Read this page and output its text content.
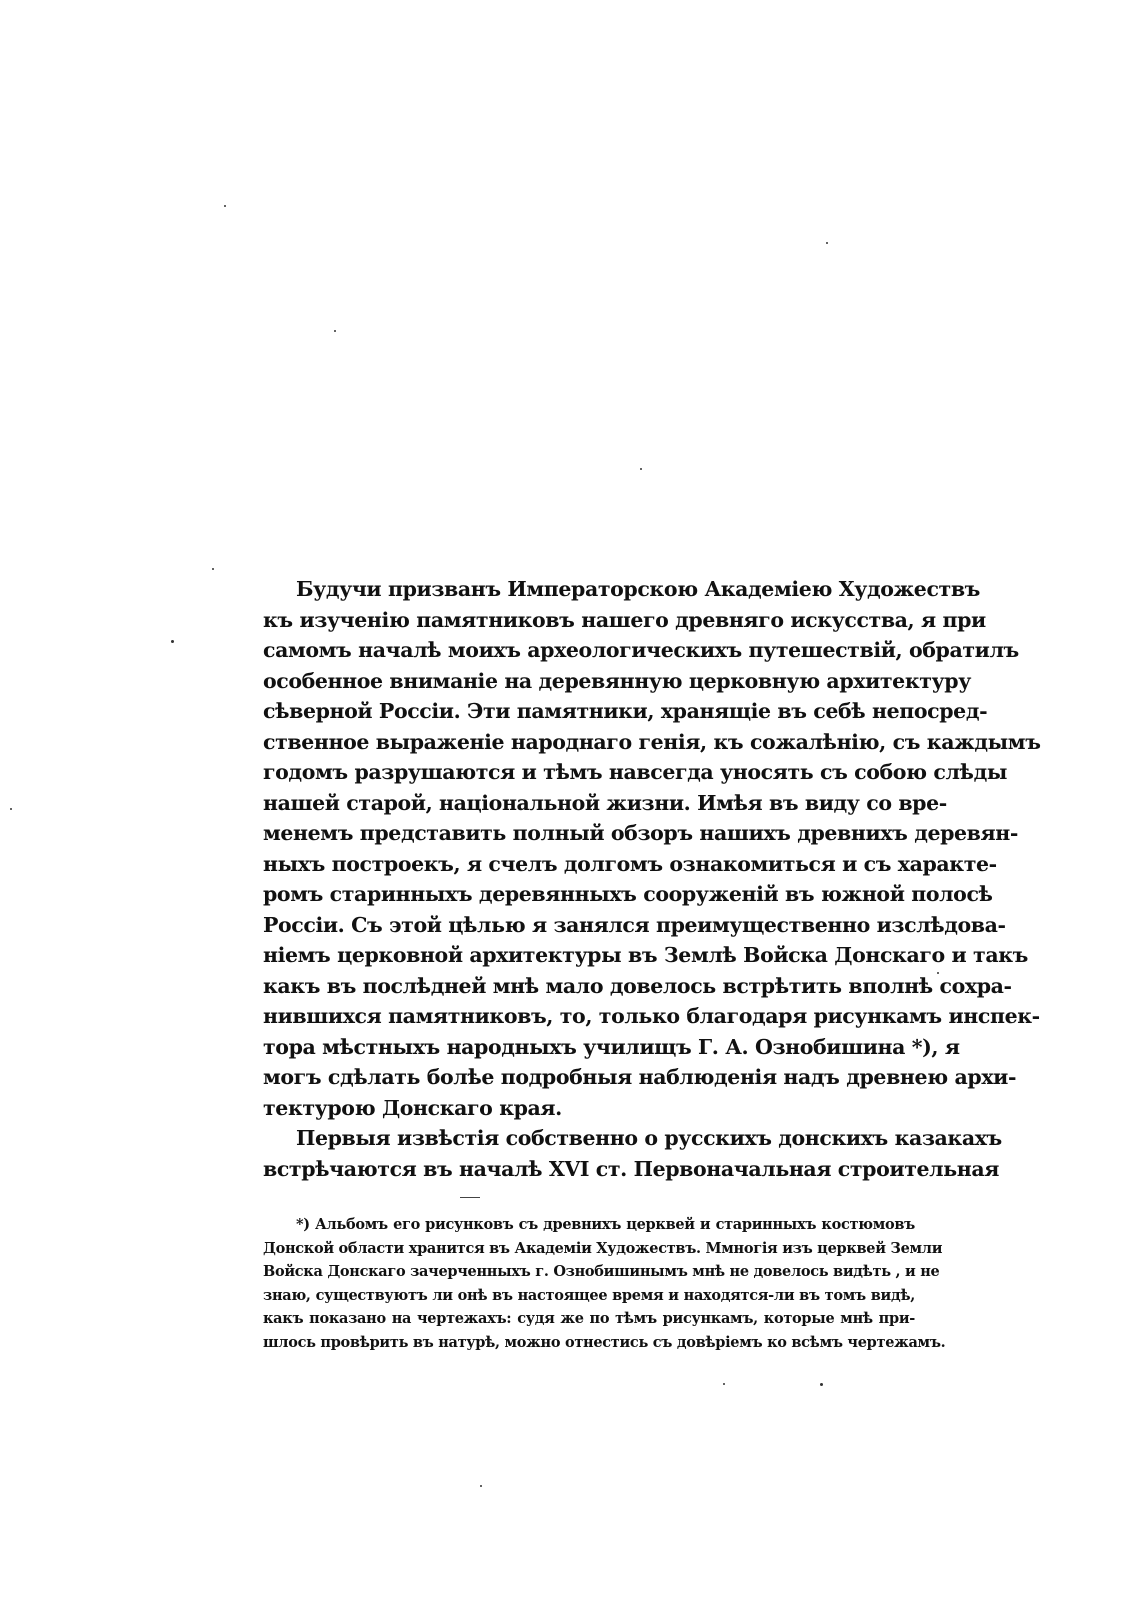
Будучи призванъ Императорскою Академiею Художествъ
къ изученiю памятниковъ нашего древняго искусства, я при
самомъ началѣ моихъ археологическихъ путешествiй, обратилъ
особенное вниманiе на деревянную церковную архитектуру
сѣверной Россiи. Эти памятники, хранящiе въ себѣ непосред-
ственное выраженiе народнаго генiя, къ сожалѣнiю, съ каждымъ
годомъ разрушаются и тѣмъ навсегда уносять съ собою слѣды
нашей старой, нацiональной жизни. Имѣя въ виду со вре-
менемъ представить полный обзоръ нашихъ древнихъ деревян-
ныхъ построекъ, я счелъ долгомъ ознакомиться и съ характе-
ромъ старинныхъ деревянныхъ сооруженiй въ южной полосѣ
Россiи. Съ этой цѣлью я занялся преимущественно изслѣдова-
нiемъ церковной архитектуры въ Землѣ Войска Донскаго и такъ
какъ въ послѣдней мнѣ мало довелось встрѣтить вполнѣ сохра-
нившихся памятниковъ, то, только благодаря рисункамъ инспек-
тора мѣстныхъ народныхъ училищъ Г. А. Ознобишина *), я
могъ сдѣлать болѣе подробныя наблюденiя надъ древнею архи-
тектурою Донскаго края.
Первыя извѣстiя собственно о русскихъ донскихъ казакахъ
встрѣчаются въ началѣ XVI ст. Первоначальная строительная
*) Альбомъ его рисунковъ съ древнихъ церквей и старинныхъ костюмовъ
Донской области хранится въ Академiи Художествъ. Ммногiя изъ церквей Земли
Войска Донскаго зачерченныхъ г. Ознобишинымъ мнѣ не довелось видѣть , и не
знаю, существуютъ ли онѣ въ настоящее время и находятся-ли въ томъ видѣ,
какъ показано на чертежахъ: судя же по тѣмъ рисункамъ, которые мнѣ при-
шлось провѣрить въ натурѣ, можно отнестись съ довѣрiемъ ко всѣмъ чертежамъ.
